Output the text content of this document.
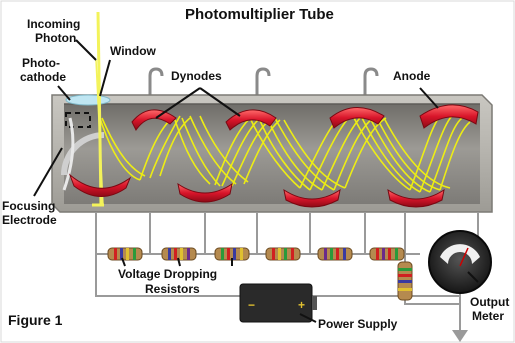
−	+
Photomultiplier Tube
Incoming
Photon
Window
Photo-
cathode	Dynodes	Anode
Focusing
Electrode
Voltage Dropping
Resistors
Power Supply
Output
Meter
Figure 1
